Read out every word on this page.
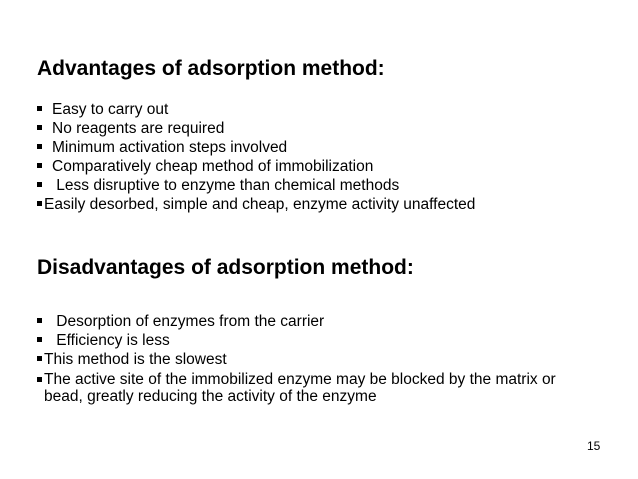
Advantages of adsorption method:
Easy to carry out
No reagents are required
Minimum activation steps involved
Comparatively cheap method of immobilization
Less disruptive to enzyme than chemical methods
Easily desorbed, simple and cheap, enzyme activity unaffected
Disadvantages of adsorption method:
Desorption of enzymes from the carrier
Efficiency is less
This method is the slowest
The active site of the immobilized enzyme may be blocked by the matrix or bead, greatly reducing the activity of the enzyme
15
